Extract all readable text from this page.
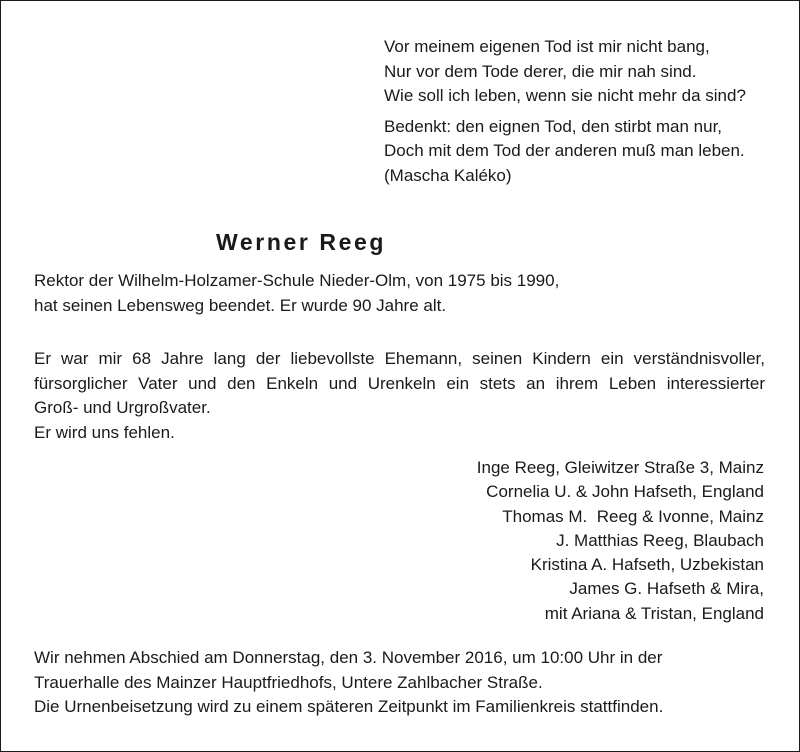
Vor meinem eigenen Tod ist mir nicht bang,
Nur vor dem Tode derer, die mir nah sind.
Wie soll ich leben, wenn sie nicht mehr da sind?

Bedenkt: den eignen Tod, den stirbt man nur,
Doch mit dem Tod der anderen muß man leben.
(Mascha Kaléko)

Werner Reeg
Rektor der Wilhelm-Holzamer-Schule Nieder-Olm, von 1975 bis 1990,
hat seinen Lebensweg beendet. Er wurde 90 Jahre alt.
Er war mir 68 Jahre lang der liebevollste Ehemann, seinen Kindern ein verständnisvoller,
fürsorglicher Vater und den Enkeln und Urenkeln ein stets an ihrem Leben interessierter
Groß- und Urgroßvater.
Er wird uns fehlen.
Inge Reeg, Gleiwitzer Straße 3, Mainz
Cornelia U. & John Hafseth, England
Thomas M.  Reeg & Ivonne, Mainz
J. Matthias Reeg, Blaubach
Kristina A. Hafseth, Uzbekistan
James G. Hafseth & Mira,
mit Ariana & Tristan, England
Wir nehmen Abschied am Donnerstag, den 3. November 2016, um 10:00 Uhr in der
Trauerhalle des Mainzer Hauptfriedhofs, Untere Zahlbacher Straße.
Die Urnenbeisetzung wird zu einem späteren Zeitpunkt im Familienkreis stattfinden.
